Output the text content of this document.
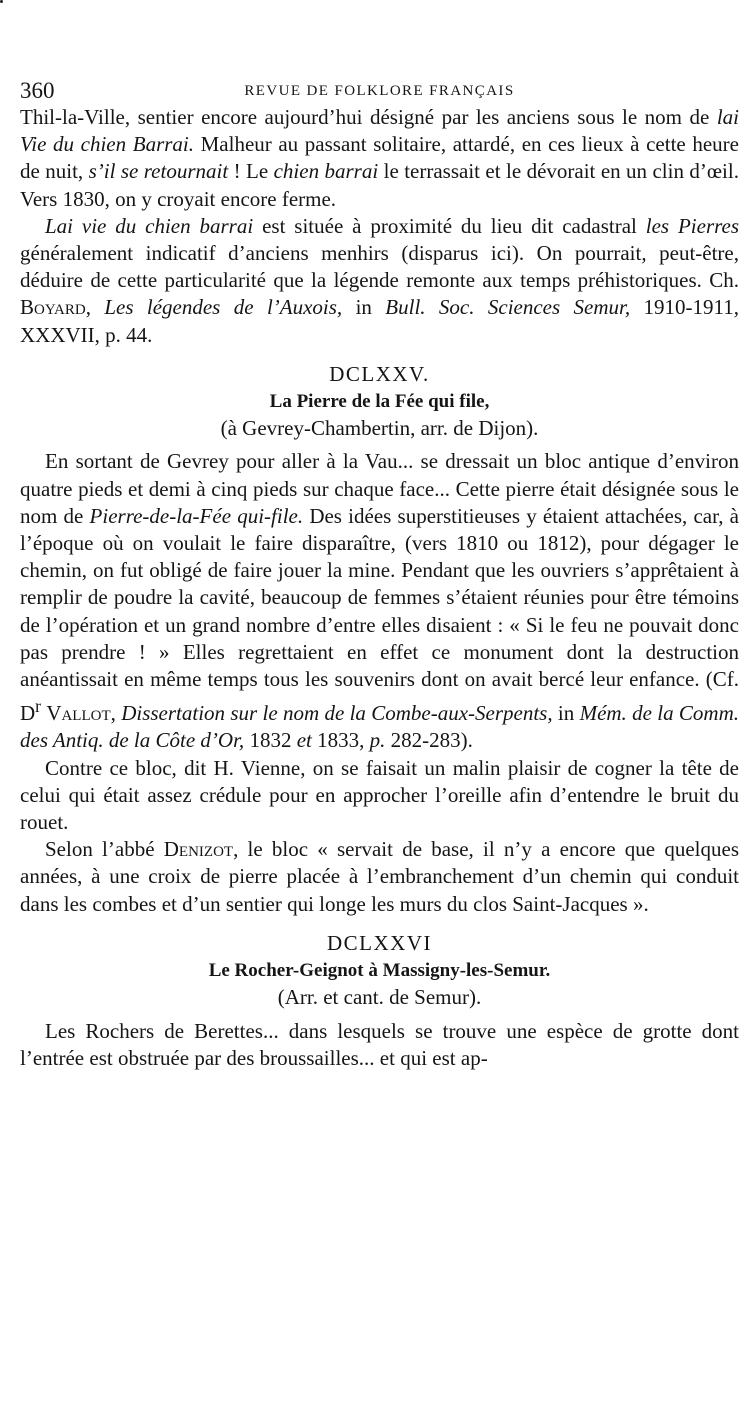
360	REVUE DE FOLKLORE FRANÇAIS

Thil-la-Ville, sentier encore aujourd’hui désigné par les anciens sous le nom de lai Vie du chien Barrai. Malheur au passant solitaire, attardé, en ces lieux à cette heure de nuit, s’il se retournait ! Le chien barrai le terrassait et le dévorait en un clin d’œil. Vers 1830, on y croyait encore ferme.

Lai vie du chien barrai est située à proximité du lieu dit cadastral les Pierres généralement indicatif d’anciens menhirs (disparus ici). On pourrait, peut-être, déduire de cette particularité que la légende remonte aux temps préhistoriques. Ch. Boyard, Les légendes de l’Auxois, in Bull. Soc. Sciences Semur, 1910-1911, XXXVII, p. 44.

DCLXXV.
La Pierre de la Fée qui file,
(à Gevrey-Chambertin, arr. de Dijon).

En sortant de Gevrey pour aller à la Vau... se dressait un bloc antique d’environ quatre pieds et demi à cinq pieds sur chaque face... Cette pierre était désignée sous le nom de Pierre-de-la-Fée qui-file. Des idées superstitieuses y étaient attachées, car, à l’époque où on voulait le faire disparaître, (vers 1810 ou 1812), pour dégager le chemin, on fut obligé de faire jouer la mine. Pendant que les ouvriers s’apprêtaient à remplir de poudre la cavité, beaucoup de femmes s’étaient réunies pour être témoins de l’opération et un grand nombre d’entre elles disaient : « Si le feu ne pouvait donc pas prendre ! » Elles regrettaient en effet ce monument dont la destruction anéantissait en même temps tous les souvenirs dont on avait bercé leur enfance. (Cf. $D^r$ Vallot, Dissertation sur le nom de la Combe-aux-Serpents, in Mém. de la Comm. des Antiq. de la Côte d’Or, 1832 et 1833, p. 282-283).

Contre ce bloc, dit H. Vienne, on se faisait un malin plaisir de cogner la tête de celui qui était assez crédule pour en approcher l’oreille afin d’entendre le bruit du rouet.

Selon l’abbé Denizot, le bloc « servait de base, il n’y a encore que quelques années, à une croix de pierre placée à l’embranchement d’un chemin qui conduit dans les combes et d’un sentier qui longe les murs du clos Saint-Jacques ».

DCLXXVI
Le Rocher-Geignot à Massigny-les-Semur.
(Arr. et cant. de Semur).

Les Rochers de Berettes... dans lesquels se trouve une espèce de grotte dont l’entrée est obstruée par des broussailles... et qui est ap-
